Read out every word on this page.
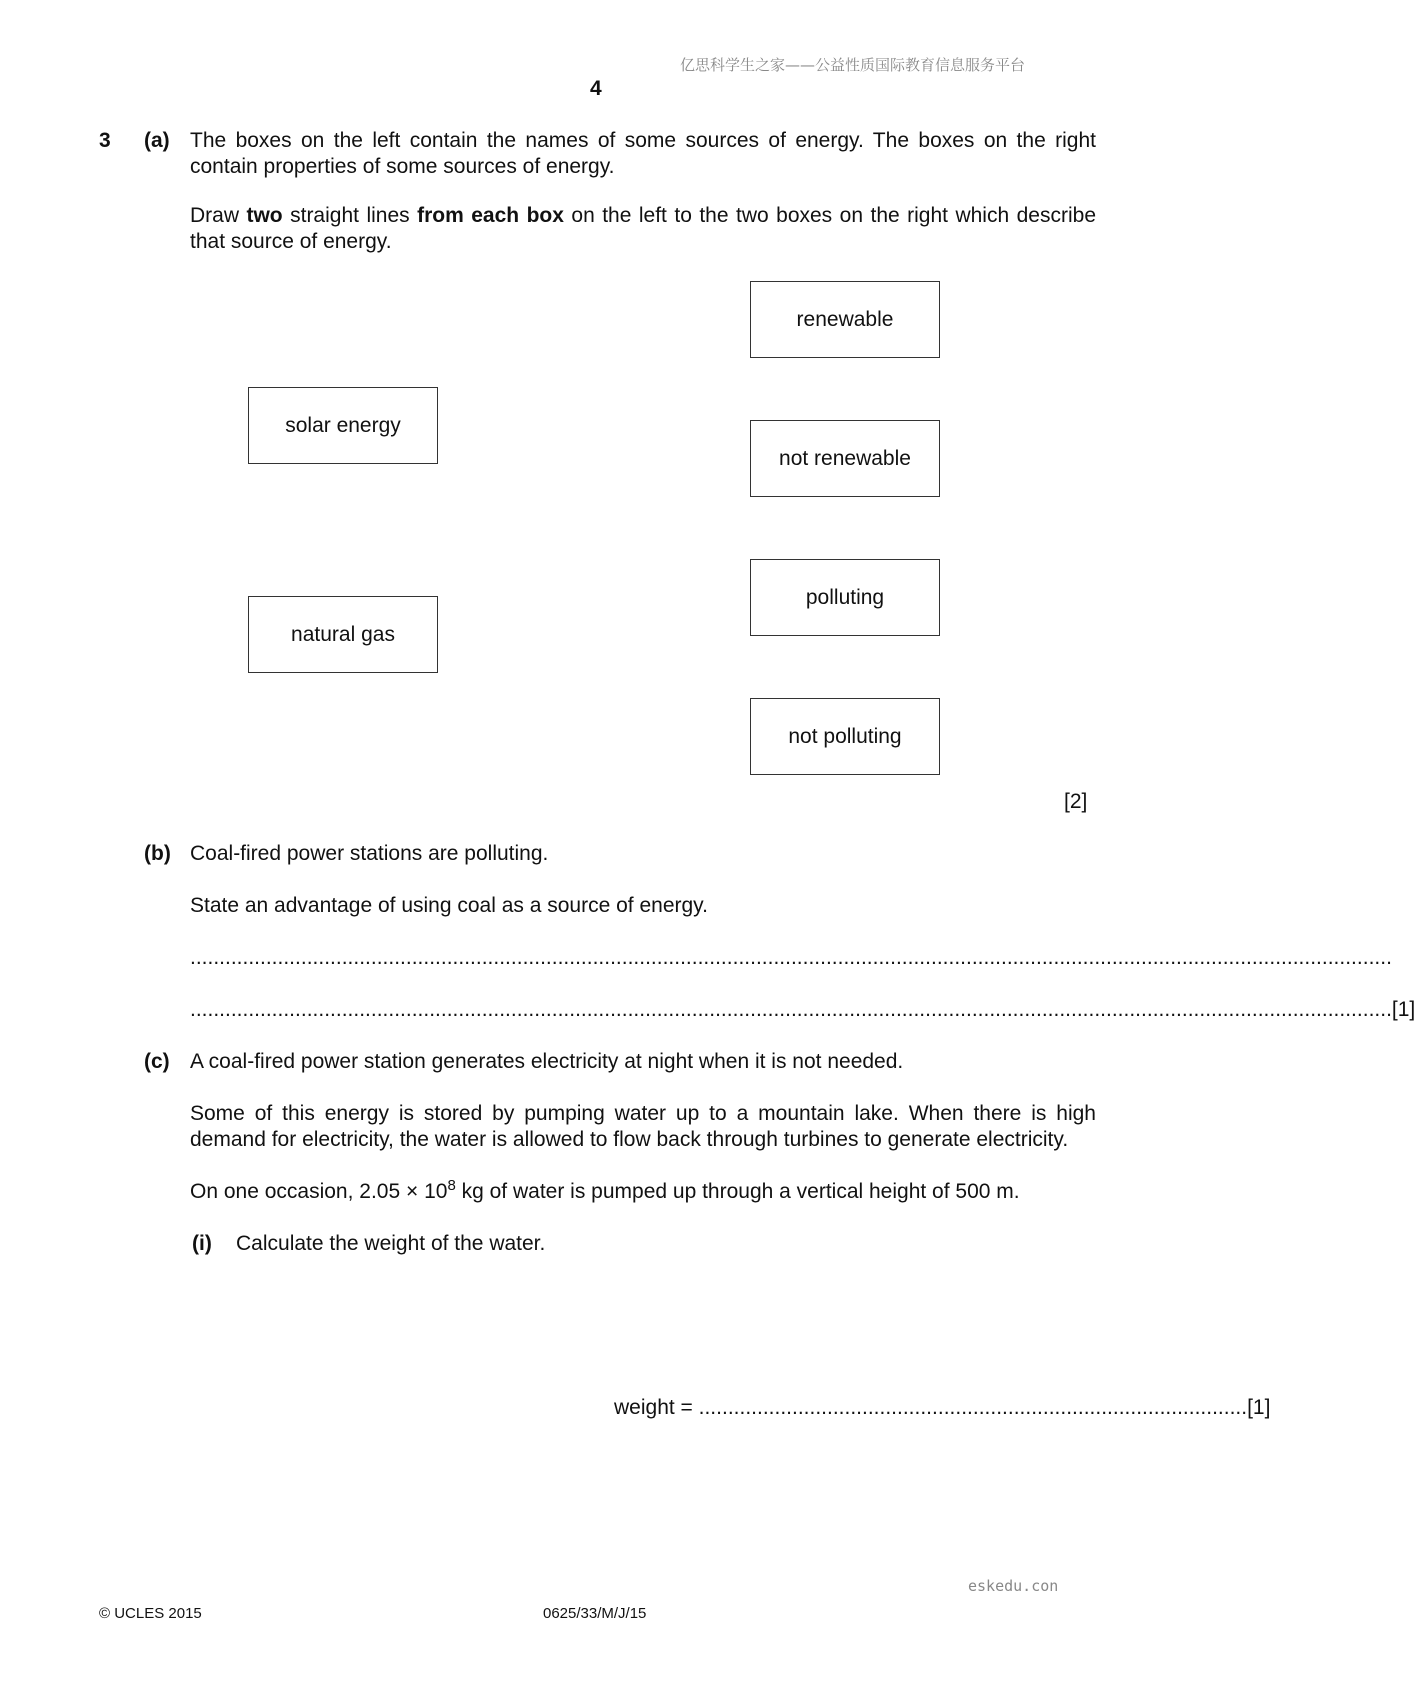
亿思科学生之家——公益性质国际教育信息服务平台
4
3 (a) The boxes on the left contain the names of some sources of energy. The boxes on the right contain properties of some sources of energy.
Draw two straight lines from each box on the left to the two boxes on the right which describe that source of energy.
solar energy
natural gas
renewable
not renewable
polluting
not polluting
[2]
(b) Coal-fired power stations are polluting.
State an advantage of using coal as a source of energy.
..............................................................................................................................................................................................................
.............................................................................................................................................................................................................. [1]
(c) A coal-fired power station generates electricity at night when it is not needed.
Some of this energy is stored by pumping water up to a mountain lake. When there is high demand for electricity, the water is allowed to flow back through turbines to generate electricity.
On one occasion, $2.05 \times 10^8$ kg of water is pumped up through a vertical height of 500 m.
(i) Calculate the weight of the water.
weight = .............................................................................................. [1]
eskedu.con
© UCLES 2015	0625/33/M/J/15
